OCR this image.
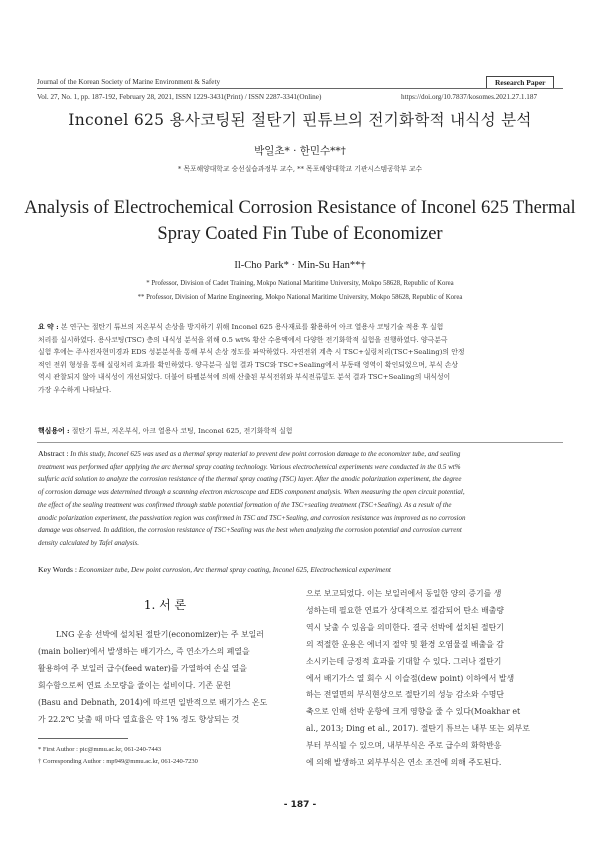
Journal of the Korean Society of Marine Environment & Safety	Research Paper
Vol. 27, No. 1, pp. 187-192, February 28, 2021, ISSN 1229-3431(Print) / ISSN 2287-3341(Online)	https://doi.org/10.7837/kosomes.2021.27.1.187
Inconel 625 용사코팅된 절탄기 핀튜브의 전기화학적 내식성 분석
박일초* · 한민수**†
* 목포해양대학교 승선실습과정부 교수, ** 목포해양대학교 기관시스템공학부 교수
Analysis of Electrochemical Corrosion Resistance of Inconel 625 Thermal
Spray Coated Fin Tube of Economizer
Il-Cho Park* · Min-Su Han**†
* Professor, Division of Cadet Training, Mokpo National Maritime University, Mokpo 58628, Republic of Korea
** Professor, Division of Marine Engineering, Mokpo National Maritime University, Mokpo 58628, Republic of Korea
요 약 : 본 연구는 절탄기 튜브의 저온부식 손상을 방지하기 위해 Inconel 625 용사재료를 활용하여 아크 열용사 코팅기술 적용 후 실험
처리를 실시하였다. 용사코팅(TSC) 층의 내식성 분석을 위해 0.5 wt% 황산 수용액에서 다양한 전기화학적 실험을 진행하였다. 양극분극
실험 후에는 주사전자현미경과 EDS 성분분석을 통해 부식 손상 정도를 파악하였다. 자연전위 계측 시 TSC+실링처리(TSC+Sealing)의 안정
적인 전위 형성을 통해 실링처리 효과를 확인하였다. 양극분극 실험 결과 TSC와 TSC+Sealing에서 부동태 영역이 확인되었으며, 부식 손상
역시 관찰되지 않아 내식성이 개선되었다. 더불어 타펠분석에 의해 산출된 부식전위와 부식전류밀도 분석 결과 TSC+Sealing의 내식성이
가장 우수하게 나타났다.
핵심용어 : 절탄기 튜브, 저온부식, 아크 열용사 코팅, Inconel 625, 전기화학적 실험
Abstract : In this study, Inconel 625 was used as a thermal spray material to prevent dew point corrosion damage to the economizer tube, and sealing
treatment was performed after applying the arc thermal spray coating technology. Various electrochemical experiments were conducted in the 0.5 wt%
sulfuric acid solution to analyze the corrosion resistance of the thermal spray coating (TSC) layer. After the anodic polarization experiment, the degree
of corrosion damage was determined through a scanning electron microscope and EDS component analysis. When measuring the open circuit potential,
the effect of the sealing treatment was confirmed through stable potential formation of the TSC+sealing treatment (TSC+Sealing). As a result of the
anodic polarization experiment, the passivation region was confirmed in TSC and TSC+Sealing, and corrosion resistance was improved as no corrosion
damage was observed. In addition, the corrosion resistance of TSC+Sealing was the best when analyzing the corrosion potential and corrosion current
density calculated by Tafel analysis.
Key Words : Economizer tube, Dew point corrosion, Arc thermal spray coating, Inconel 625, Electrochemical experiment
1. 서 론
LNG 운송 선박에 설치된 절탄기(economizer)는 주 보일러
(main bolier)에서 발생하는 배기가스, 즉 연소가스의 폐열을
활용하여 주 보일러 급수(feed water)를 가열하여 손실 열을
회수함으로써 연료 소모량을 줄이는 설비이다. 기존 문헌
(Basu and Debnath, 2014)에 따르면 일반적으로 배기가스 온도
가 22.2℃ 낮출 때 마다 열효율은 약 1% 정도 향상되는 것
으로 보고되었다. 이는 보일러에서 동일한 양의 증기를 생
성하는데 필요한 연료가 상대적으로 절감되어 탄소 배출량
역시 낮출 수 있음을 의미한다. 결국 선박에 설치된 절탄기
의 적절한 운용은 에너지 절약 및 환경 오염물질 배출을 감
소시키는데 긍정적 효과를 기대할 수 있다. 그러나 절탄기
에서 배기가스 열 회수 시 이슬점(dew point) 이하에서 발생
하는 전열면의 부식현상으로 절탄기의 성능 감소와 수명단
축으로 인해 선박 운항에 크게 영향을 줄 수 있다(Moakhar et
al., 2013; Ding et al., 2017). 절탄기 튜브는 내부 또는 외부로
부터 부식될 수 있으며, 내부부식은 주로 급수의 화학반응
에 의해 발생하고 외부부식은 연소 조건에 의해 주도된다.
* First Author : pic@mmu.ac.kr, 061-240-7443
† Corresponding Author : mp949@mmu.ac.kr, 061-240-7230
- 187 -
